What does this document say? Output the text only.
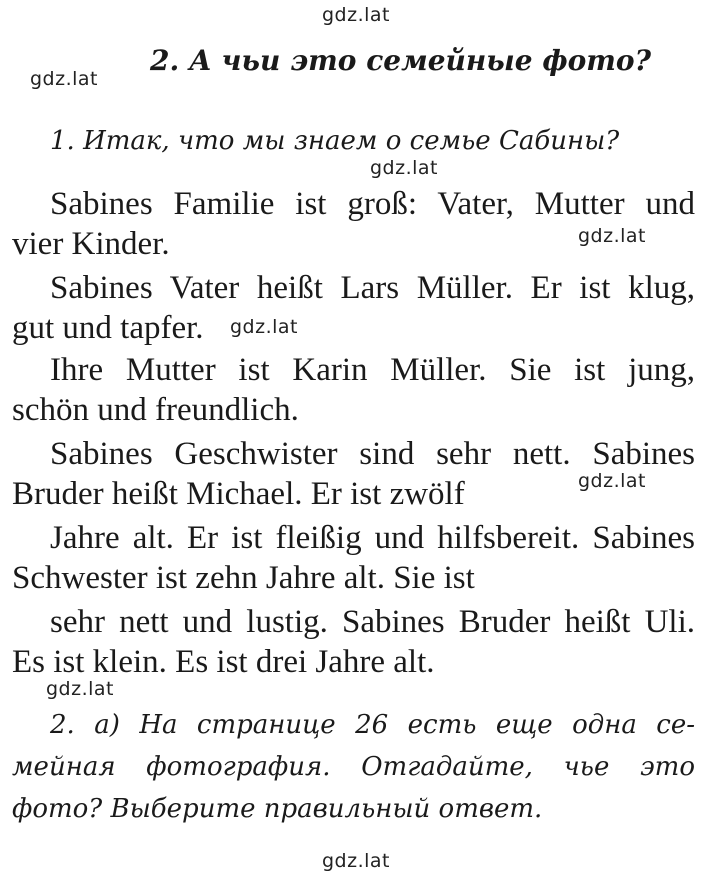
gdz.lat
gdz.lat
gdz.lat
gdz.lat
gdz.lat
gdz.lat
gdz.lat
gdz.lat
2. А чьи это семейные фото?
1. Итак, что мы знаем о семье Сабины?
Sabines Familie ist groß: Vater, Mutter und
vier Kinder.
Sabines Vater heißt Lars Müller. Er ist klug,
gut und tapfer.
Ihre Mutter ist Karin Müller. Sie ist jung,
schön und freundlich.
Sabines Geschwister sind sehr nett. Sabines
Bruder heißt Michael. Er ist zwölf
Jahre alt. Er ist fleißig und hilfsbereit. Sabines
Schwester ist zehn Jahre alt. Sie ist
sehr nett und lustig. Sabines Bruder heißt Uli.
Es ist klein. Es ist drei Jahre alt.
2. а) На странице 26 есть еще одна се-
мейная фотография. Отгадайте, чье это
фото? Выберите правильный ответ.
